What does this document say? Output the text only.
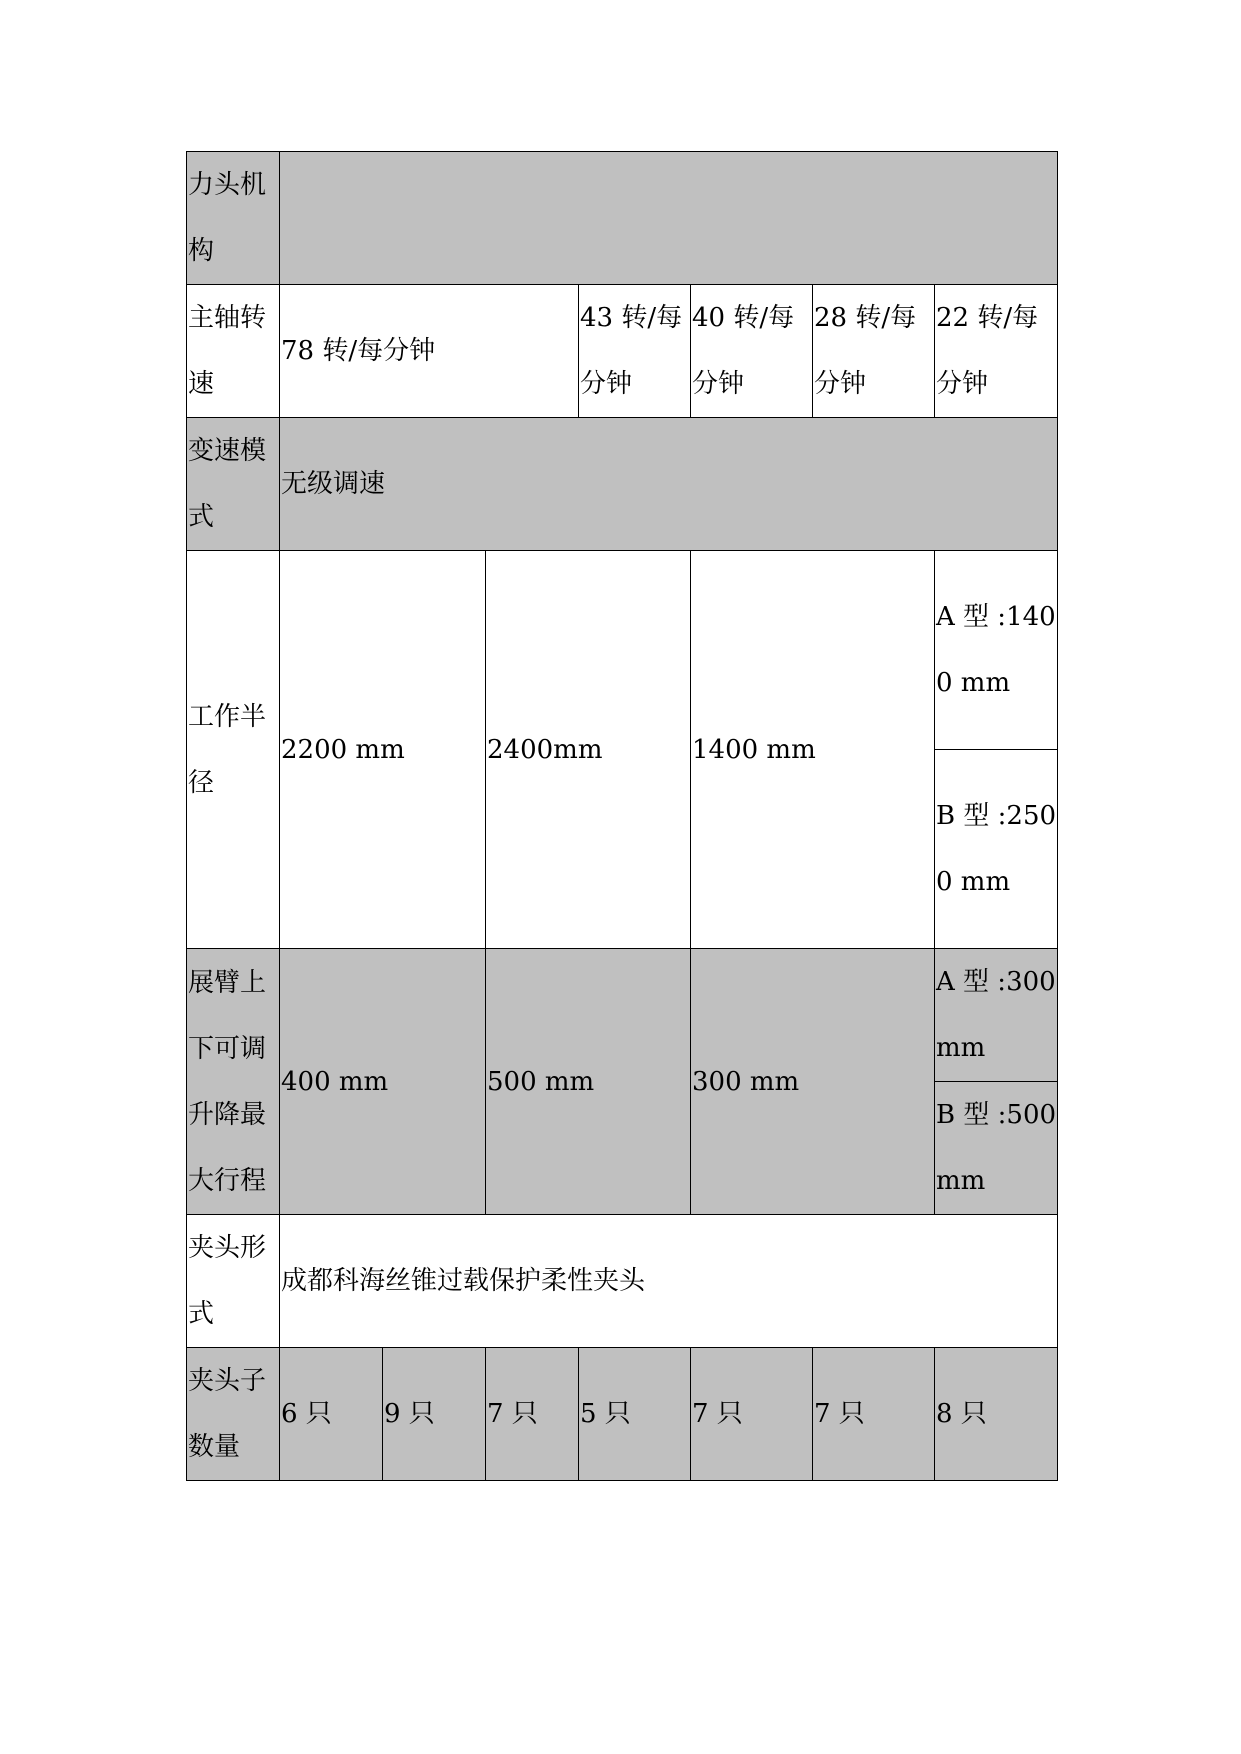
力头机构							
主轴转速	78 转/每分钟			43 转/每分钟	40 转/每分钟	28 转/每分钟	22 转/每分钟
变速模式	无级调速						
工作半径	2200 mm		2400mm		1400 mm		A 型 :1400 mm
							B 型 :2500 mm
展臂上下可调升降最大行程	400 mm		500 mm		300 mm		A 型 :300 mm
							B 型 :500 mm
夹头形式	成都科海丝锥过载保护柔性夹头						
夹头子数量	6 只	9 只	7 只	5 只	7 只	7 只	8 只
